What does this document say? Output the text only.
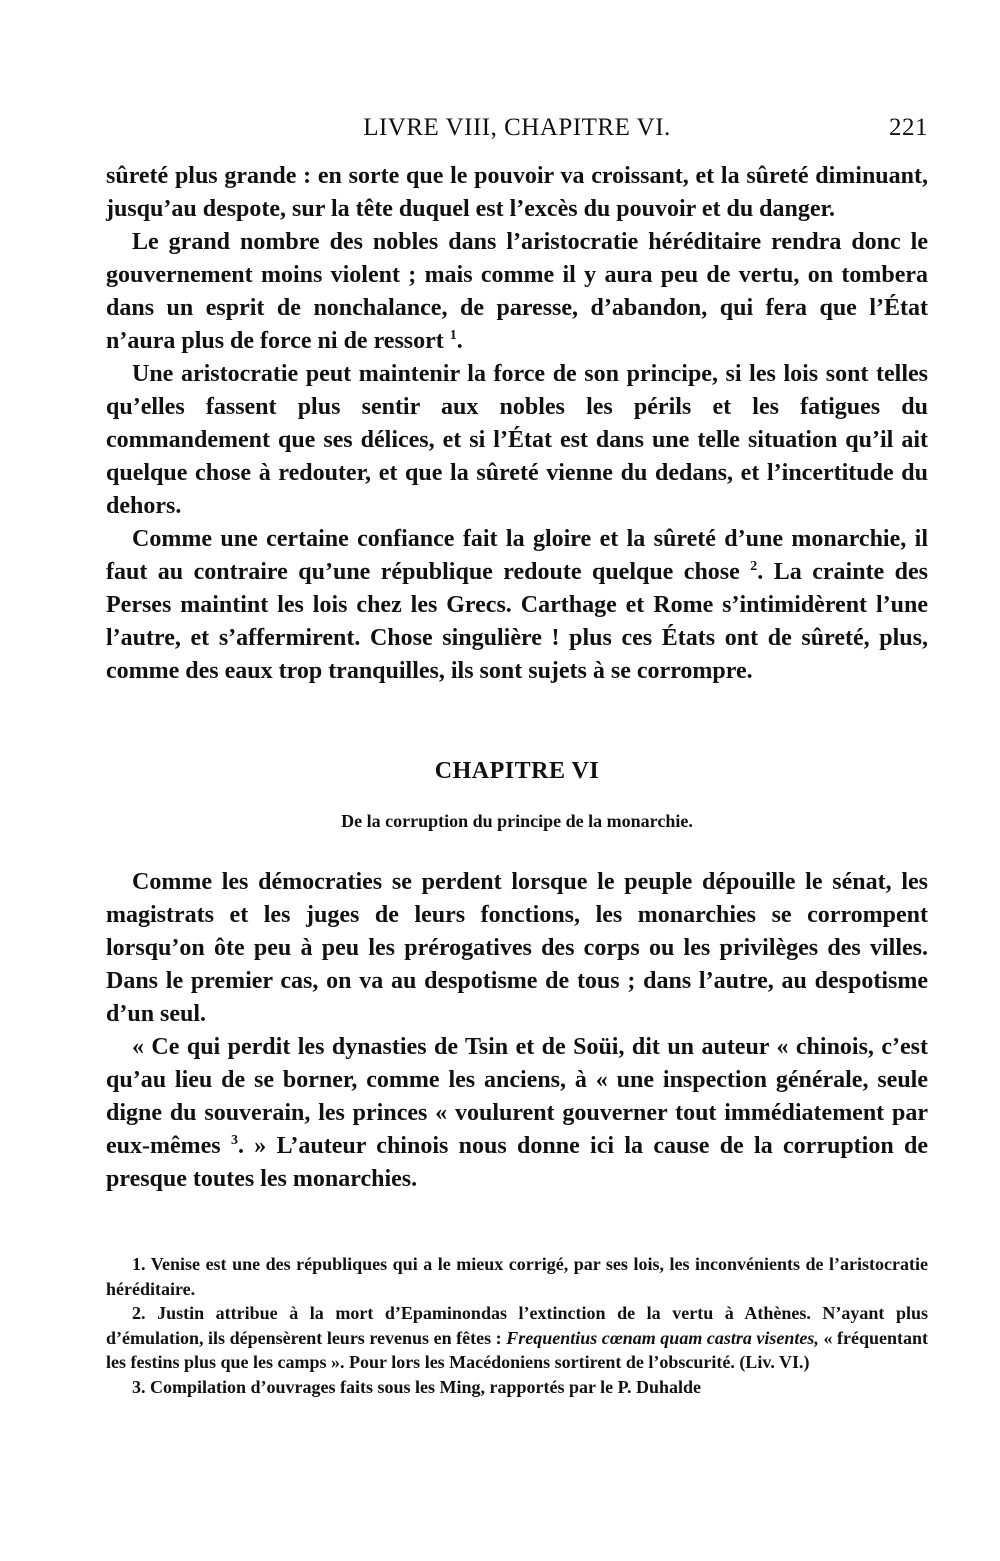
LIVRE VIII, CHAPITRE VI.	221

sûreté plus grande : en sorte que le pouvoir va croissant, et la sûreté diminuant, jusqu’au despote, sur la tête duquel est l’excès du pouvoir et du danger.

Le grand nombre des nobles dans l’aristocratie héréditaire rendra donc le gouvernement moins violent ; mais comme il y aura peu de vertu, on tombera dans un esprit de nonchalance, de paresse, d’abandon, qui fera que l’État n’aura plus de force ni de ressort $^1$.

Une aristocratie peut maintenir la force de son principe, si les lois sont telles qu’elles fassent plus sentir aux nobles les périls et les fatigues du commandement que ses délices, et si l’État est dans une telle situation qu’il ait quelque chose à redouter, et que la sûreté vienne du dedans, et l’incertitude du dehors.

Comme une certaine confiance fait la gloire et la sûreté d’une monarchie, il faut au contraire qu’une république redoute quelque chose $^2$. La crainte des Perses maintint les lois chez les Grecs. Carthage et Rome s’intimidèrent l’une l’autre, et s’affermirent. Chose singulière ! plus ces États ont de sûreté, plus, comme des eaux trop tranquilles, ils sont sujets à se corrompre.

CHAPITRE VI
De la corruption du principe de la monarchie.

Comme les démocraties se perdent lorsque le peuple dépouille le sénat, les magistrats et les juges de leurs fonctions, les monarchies se corrompent lorsqu’on ôte peu à peu les prérogatives des corps ou les privilèges des villes. Dans le premier cas, on va au despotisme de tous ; dans l’autre, au despotisme d’un seul.

« Ce qui perdit les dynasties de Tsin et de Soüi, dit un auteur « chinois, c’est qu’au lieu de se borner, comme les anciens, à « une inspection générale, seule digne du souverain, les princes « voulurent gouverner tout immédiatement par eux-mêmes $^3$. » L’auteur chinois nous donne ici la cause de la corruption de presque toutes les monarchies.

1. Venise est une des républiques qui a le mieux corrigé, par ses lois, les inconvénients de l’aristocratie héréditaire.

2. Justin attribue à la mort d’Epaminondas l’extinction de la vertu à Athènes. N’ayant plus d’émulation, ils dépensèrent leurs revenus en fêtes : Frequentius cœnam quam castra visentes, « fréquentant les festins plus que les camps ». Pour lors les Macédoniens sortirent de l’obscurité. (Liv. VI.)

3. Compilation d’ouvrages faits sous les Ming, rapportés par le P. Duhalde
